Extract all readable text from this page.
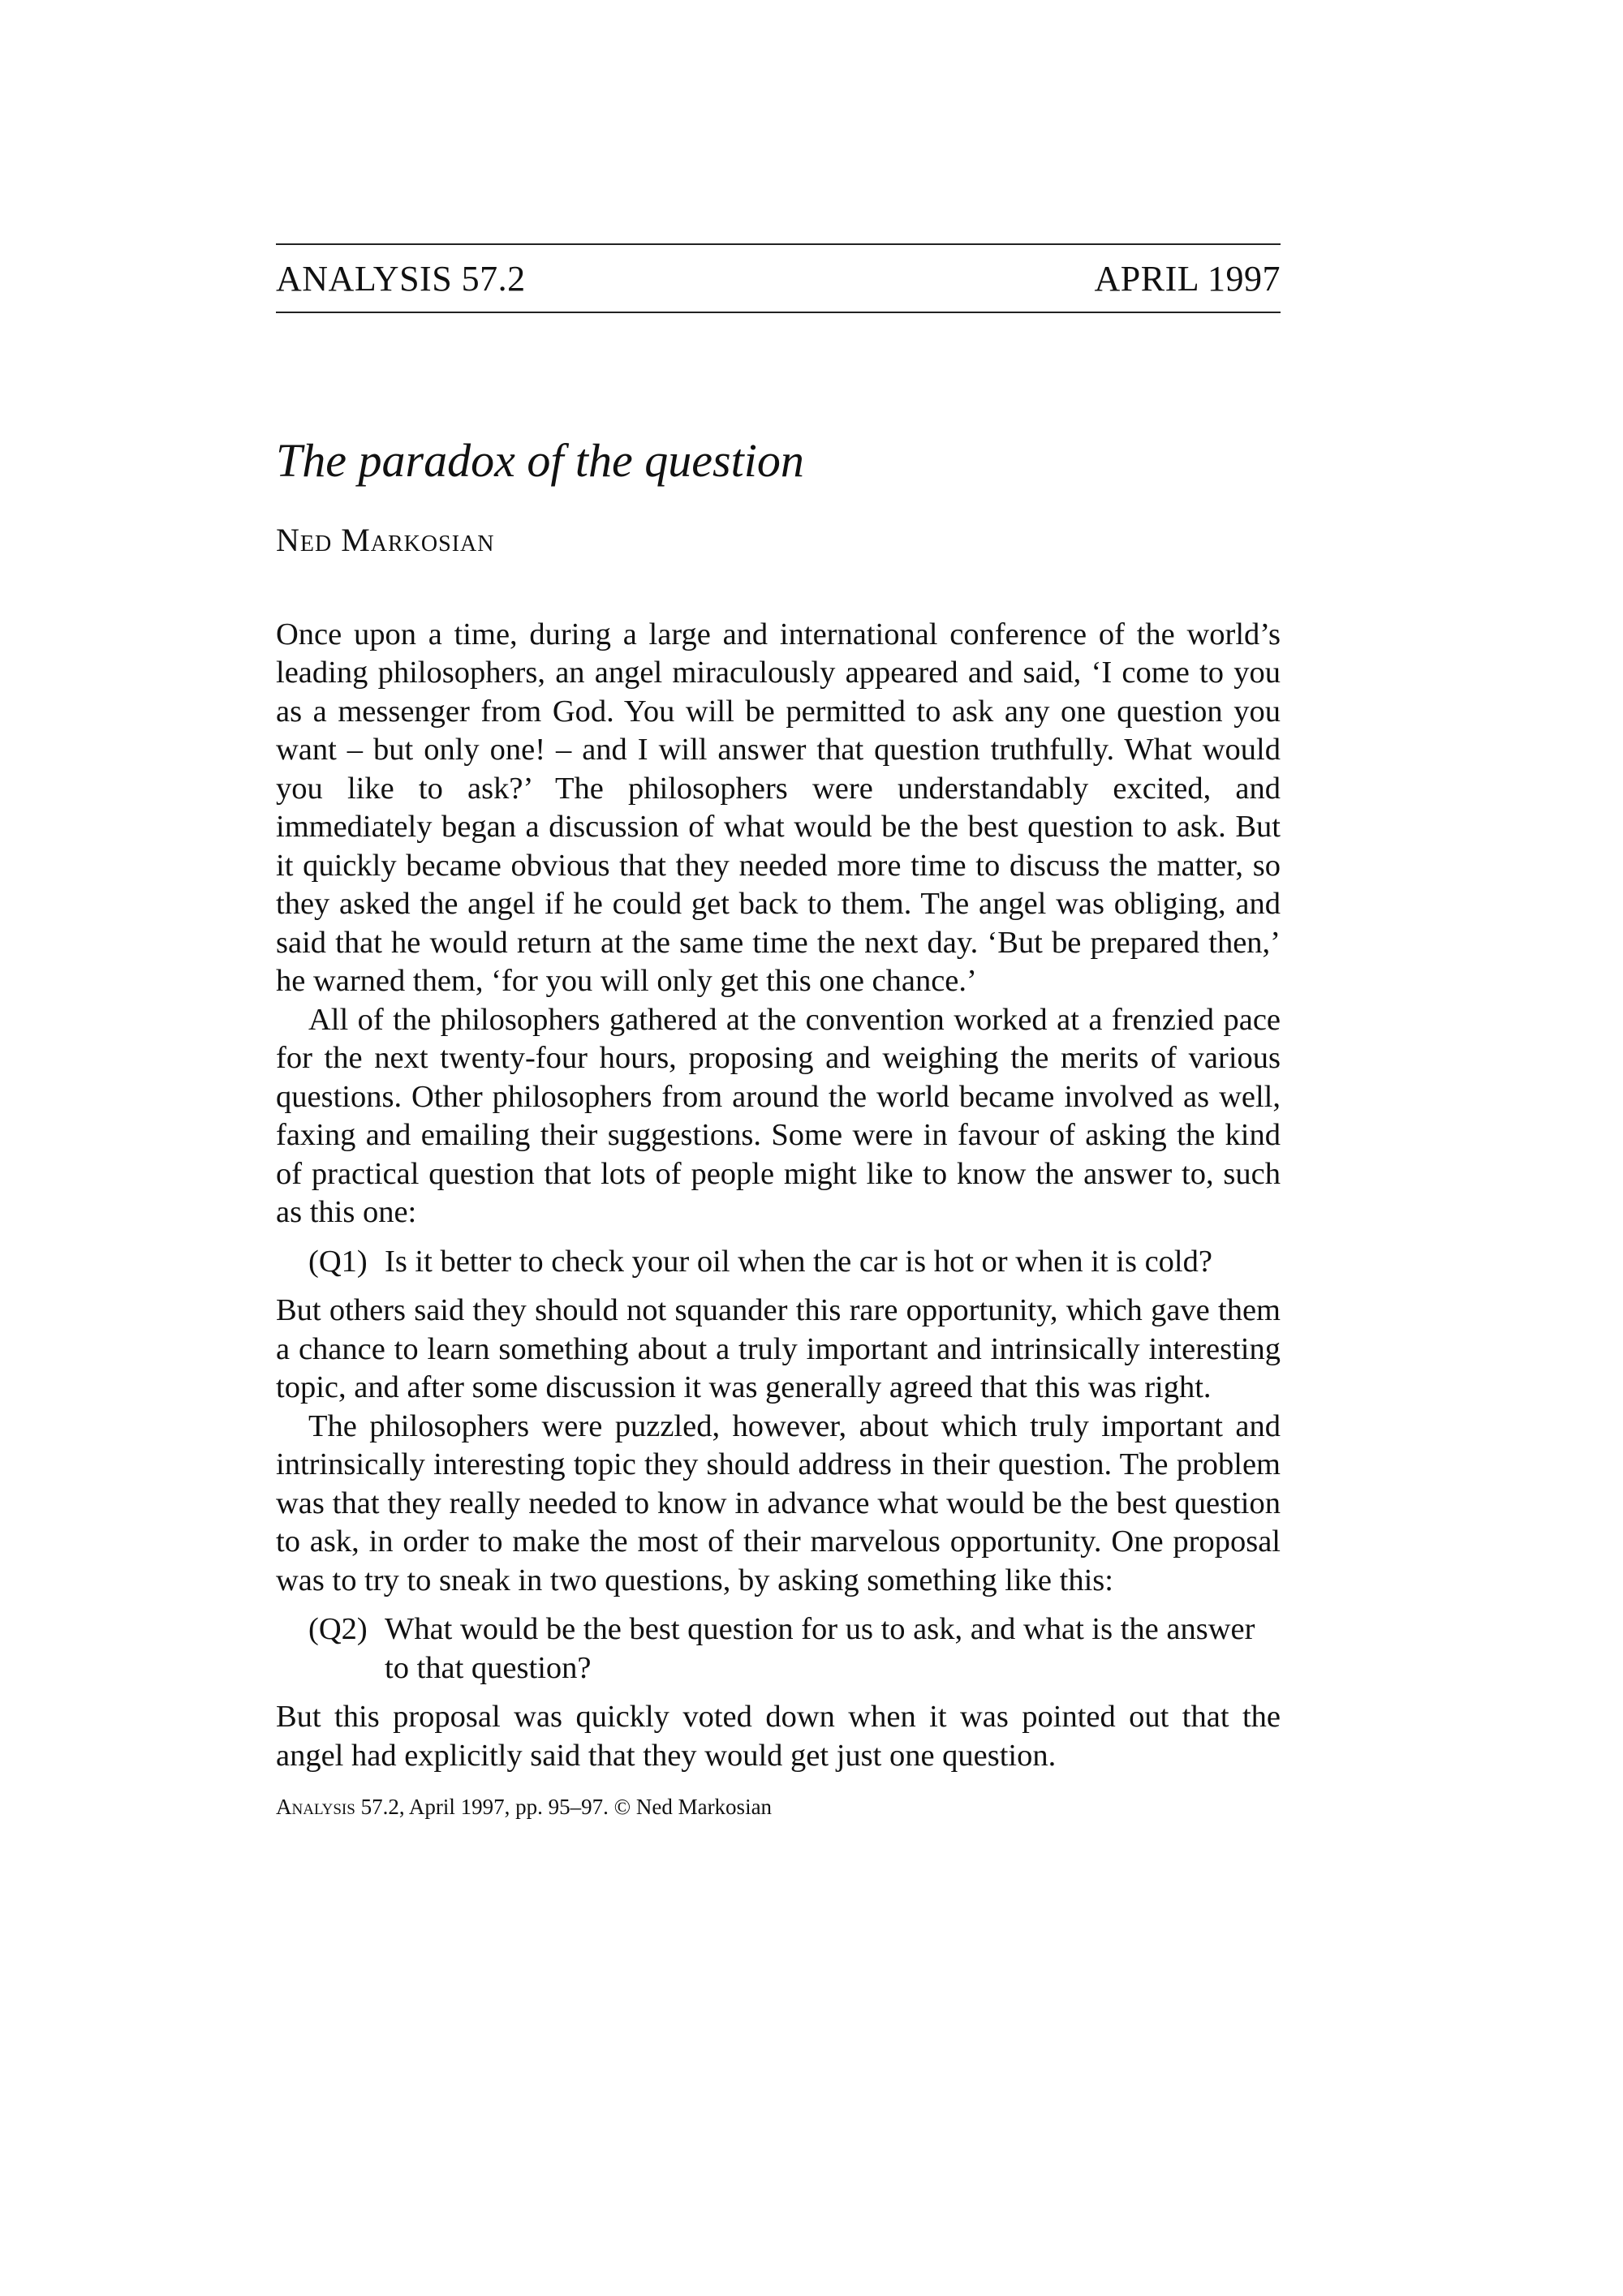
ANALYSIS 57.2	APRIL 1997
The paradox of the question
Ned Markosian

Once upon a time, during a large and international conference of the world’s leading philosophers, an angel miraculously appeared and said, ‘I come to you as a messenger from God. You will be permitted to ask any one question you want – but only one! – and I will answer that question truthfully. What would you like to ask?’ The philosophers were understandably excited, and immediately began a discussion of what would be the best question to ask. But it quickly became obvious that they needed more time to discuss the matter, so they asked the angel if he could get back to them. The angel was obliging, and said that he would return at the same time the next day. ‘But be prepared then,’ he warned them, ‘for you will only get this one chance.’

All of the philosophers gathered at the convention worked at a frenzied pace for the next twenty-four hours, proposing and weighing the merits of various questions. Other philosophers from around the world became involved as well, faxing and emailing their suggestions. Some were in favour of asking the kind of practical question that lots of people might like to know the answer to, such as this one:

(Q1) Is it better to check your oil when the car is hot or when it is cold?

But others said they should not squander this rare opportunity, which gave them a chance to learn something about a truly important and intrinsically interesting topic, and after some discussion it was generally agreed that this was right.

The philosophers were puzzled, however, about which truly important and intrinsically interesting topic they should address in their question. The problem was that they really needed to know in advance what would be the best question to ask, in order to make the most of their marvelous opportunity. One proposal was to try to sneak in two questions, by asking something like this:

(Q2) What would be the best question for us to ask, and what is the answer to that question?

But this proposal was quickly voted down when it was pointed out that the angel had explicitly said that they would get just one question.

Analysis 57.2, April 1997, pp. 95–97. © Ned Markosian
